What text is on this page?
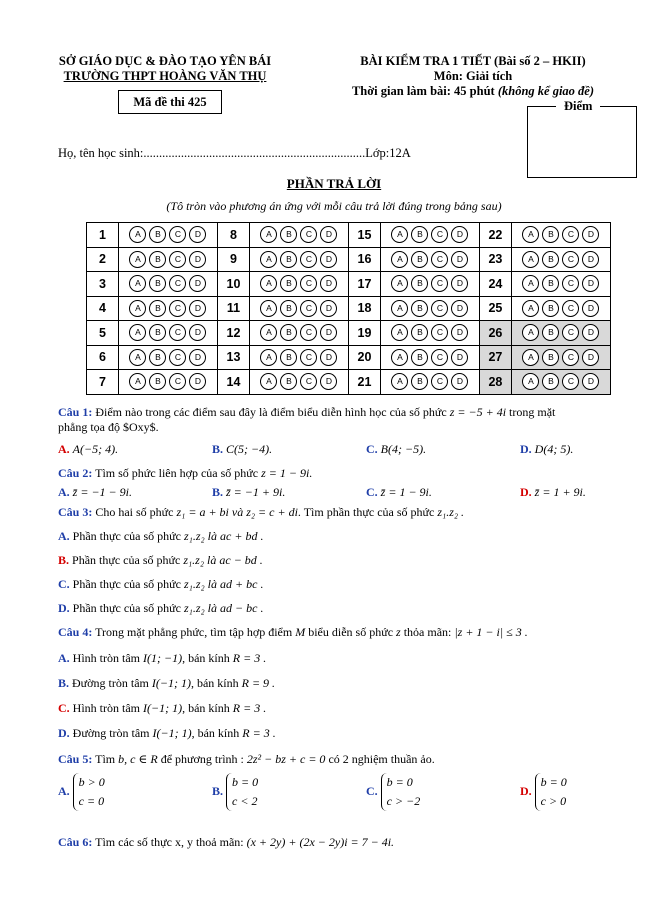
SỞ GIÁO DỤC & ĐÀO TẠO YÊN BÁI
TRƯỜNG THPT HOÀNG VĂN THỤ
Mã đề thi 425
BÀI KIỂM TRA 1 TIẾT (Bài số 2 – HKII)
Môn: Giải tích
Thời gian làm bài: 45 phút (không kể giao đề)
Điểm
Họ, tên học sinh:.......................................................................Lớp:12A
PHẦN TRẢ LỜI
(Tô tròn vào phương án ứng với mỗi câu trả lời đúng trong bảng sau)
1	A B C D	8	A B C D	15	A B C D	22	A B C D
2	A B C D	9	A B C D	16	A B C D	23	A B C D
3	A B C D	10	A B C D	17	A B C D	24	A B C D
4	A B C D	11	A B C D	18	A B C D	25	A B C D
5	A B C D	12	A B C D	19	A B C D	26	A B C D
6	A B C D	13	A B C D	20	A B C D	27	A B C D
7	A B C D	14	A B C D	21	A B C D	28	A B C D
Câu 1: Điểm nào trong các điểm sau đây là điểm biểu diễn hình học của số phức z = −5 + 4i trong mặt
phẳng tọa độ $Oxy$.
A. A(−5; 4).	B. C(5; −4).	C. B(4; −5).	D. D(4; 5).
Câu 2: Tìm số phức liên hợp của số phức z = 1 − 9i.
A. z̄ = −1 − 9i.	B. z̄ = −1 + 9i.	C. z̄ = 1 − 9i.	D. z̄ = 1 + 9i.
Câu 3: Cho hai số phức z₁ = a + bi và z₂ = c + di. Tìm phần thực của số phức z₁.z₂ .
A. Phần thực của số phức z₁.z₂ là ac + bd .
B. Phần thực của số phức z₁.z₂ là ac − bd .
C. Phần thực của số phức z₁.z₂ là ad + bc .
D. Phần thực của số phức z₁.z₂ là ad − bc .
Câu 4: Trong mặt phẳng phức, tìm tập hợp điểm M biểu diễn số phức z thỏa mãn: |z + 1 − i| ≤ 3 .
A. Hình tròn tâm I(1; −1), bán kính R = 3 .
B. Đường tròn tâm I(−1; 1), bán kính R = 9 .
C. Hình tròn tâm I(−1; 1), bán kính R = 3 .
D. Đường tròn tâm I(−1; 1), bán kính R = 3 .
Câu 5: Tìm b, c ∈ R để phương trình : 2z² − bz + c = 0 có 2 nghiệm thuần ảo.
A. b > 0
c = 0
B. b = 0
c < 2
C. b = 0
c > −2
D. b = 0
c > 0
Câu 6: Tìm các số thực x, y thoả mãn: (x + 2y) + (2x − 2y)i = 7 − 4i.
